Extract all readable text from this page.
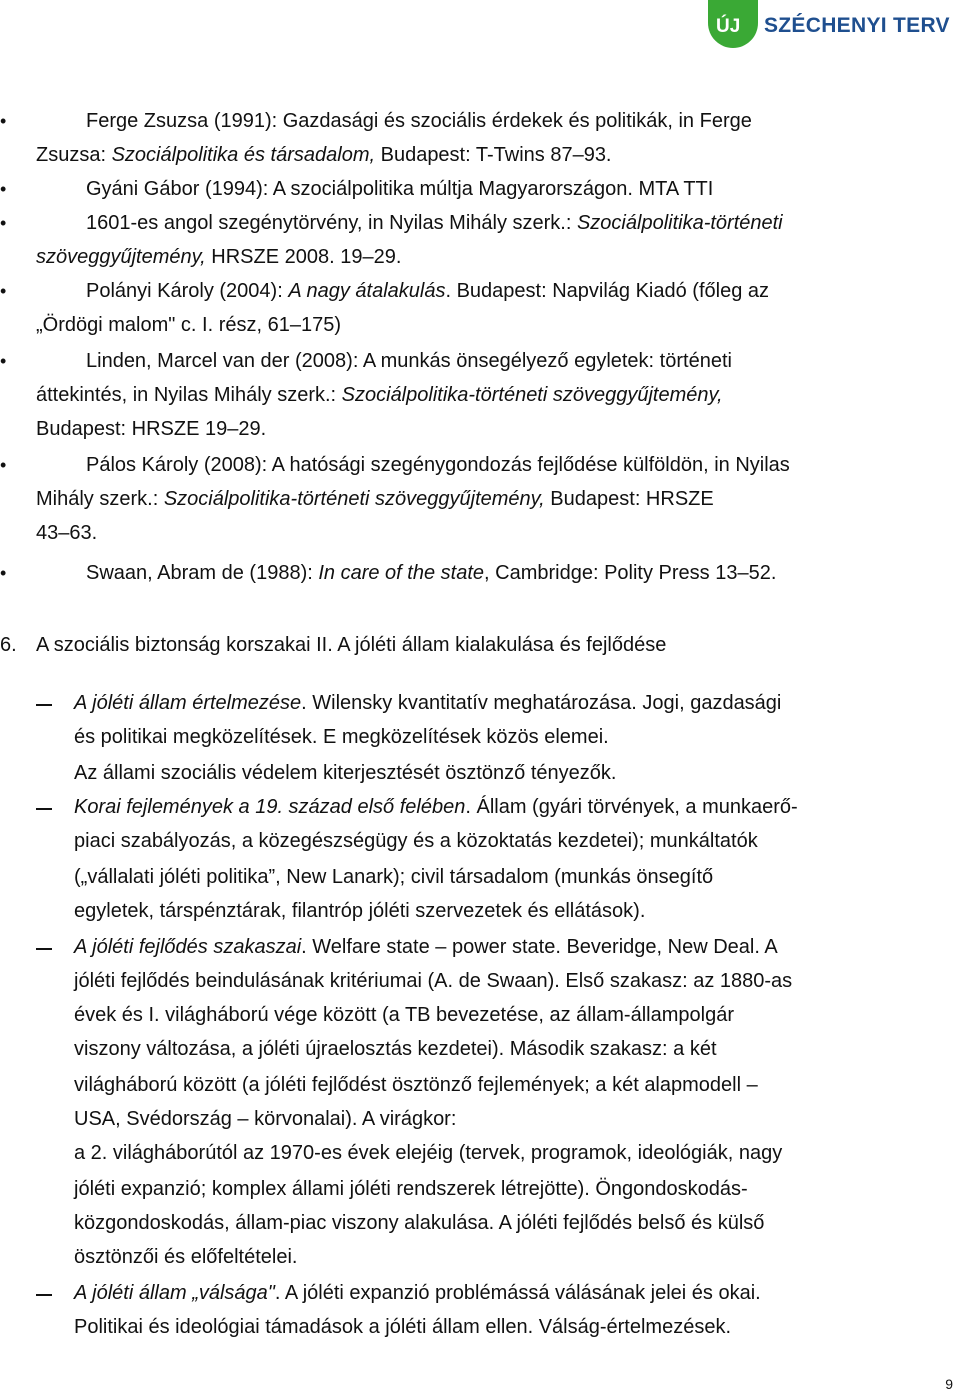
ÚJ SZÉCHENYI TERV
•	Ferge Zsuzsa (1991): Gazdasági és szociális érdekek és politikák, in Ferge
Zsuzsa: Szociálpolitika és társadalom, Budapest: T-Twins 87–93.
•	Gyáni Gábor (1994): A szociálpolitika múltja Magyarországon. MTA TTI
•	1601-es angol szegénytörvény, in Nyilas Mihály szerk.: Szociálpolitika-történeti
szöveggyűjtemény, HRSZE 2008. 19–29.
•	Polányi Károly (2004): A nagy átalakulás. Budapest: Napvilág Kiadó (főleg az
„Ördögi malom" c. I. rész, 61–175)
•	Linden, Marcel van der (2008): A munkás önsegélyező egyletek: történeti
áttekintés, in Nyilas Mihály szerk.: Szociálpolitika-történeti szöveggyűjtemény,
Budapest: HRSZE 19–29.
•	Pálos Károly (2008): A hatósági szegénygondozás fejlődése külföldön, in Nyilas
Mihály szerk.: Szociálpolitika-történeti szöveggyűjtemény, Budapest: HRSZE
43–63.
•	Swaan, Abram de (1988): In care of the state, Cambridge: Polity Press 13–52.
6. A szociális biztonság korszakai II. A jóléti állam kialakulása és fejlődése
A jóléti állam értelmezése. Wilensky kvantitatív meghatározása. Jogi, gazdasági
és politikai megközelítések. E megközelítések közös elemei.
Az állami szociális védelem kiterjesztését ösztönző tényezők.
Korai fejlemények a 19. század első felében. Állam (gyári törvények, a munkaerő-
piaci szabályozás, a közegészségügy és a közoktatás kezdetei); munkáltatók
(„vállalati jóléti politika”, New Lanark); civil társadalom (munkás önsegítő
egyletek, társpénztárak, filantróp jóléti szervezetek és ellátások).
A jóléti fejlődés szakaszai. Welfare state – power state. Beveridge, New Deal. A
jóléti fejlődés beindulásának kritériumai (A. de Swaan). Első szakasz: az 1880-as
évek és I. világháború vége között (a TB bevezetése, az állam-állampolgár
viszony változása, a jóléti újraelosztás kezdetei). Második szakasz: a két
világháború között (a jóléti fejlődést ösztönző fejlemények; a két alapmodell –
USA, Svédország – körvonalai). A virágkor:
a 2. világháborútól az 1970-es évek elejéig (tervek, programok, ideológiák, nagy
jóléti expanzió; komplex állami jóléti rendszerek létrejötte). Öngondoskodás-
közgondoskodás, állam-piac viszony alakulása. A jóléti fejlődés belső és külső
ösztönzői és előfeltételei.
A jóléti állam „válsága". A jóléti expanzió problémássá válásának jelei és okai.
Politikai és ideológiai támadások a jóléti állam ellen. Válság-értelmezések.
9
